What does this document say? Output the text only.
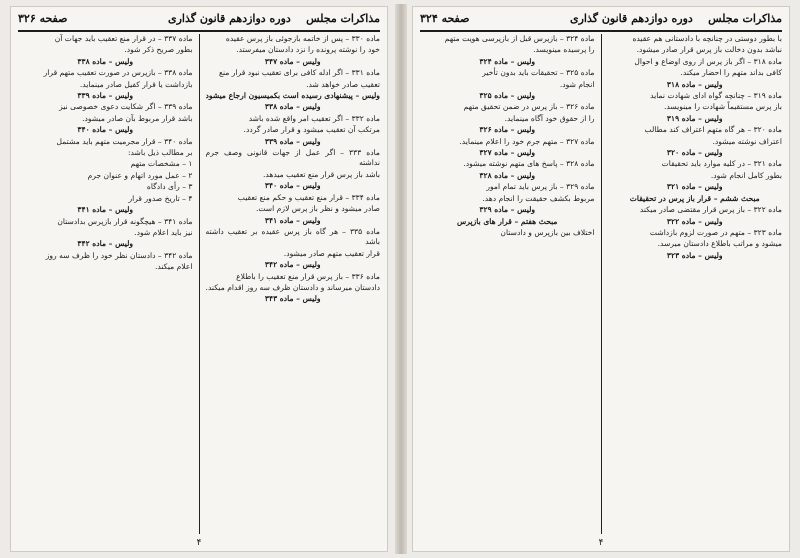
مذاکرات مجلس
دوره دوازدهم قانون گذاری
صفحه ۳۲۶

ماده ۳۳۰ – پس از خاتمه بازجوئی باز پرس عقیده

خود را نوشته پرونده را نزد دادستان میفرستد.

ولیس – ماده ۳۴۷

ماده ۳۳۱ – اگر ادله کافی برای تعقیب نبود قرار منع

تعقیب صادر خواهد شد.

ولیس – پیشنهادی رسیده است بکمیسیون ارجاع میشود

ولیس – ماده ۳۳۸

ماده ۳۳۲ – اگر تعقیب امر واقع شده باشد

مرتکب آن تعقیب میشود و قرار صادر گردد.

ولیس – ماده ۳۳۹

ماده ۳۳۳ – اگر عمل از جهات قانونی وصف جرم نداشته

باشد باز پرس قرار منع تعقیب میدهد.

ولیس – ماده ۳۴۰

ماده ۳۳۴ – قرار منع تعقیب و حکم منع تعقیب

صادر میشود و نظر باز پرس لازم است.

ولیس – ماده ۳۴۱

ماده ۳۳۵ – هر گاه باز پرس عقیده بر تعقیب داشته باشد

قرار تعقیب متهم صادر میشود.

ولیس – ماده ۳۴۲

ماده ۳۳۶ – باز پرس قرار منع تعقیب را باطلاع

دادستان میرساند و دادستان ظرف سه روز اقدام میکند.

ولیس – ماده ۳۴۳

ماده ۳۳۷ – در قرار منع تعقیب باید جهات آن

بطور صریح ذکر شود.

ولیس – ماده ۳۳۸

ماده ۳۳۸ – بازپرس در صورت تعقیب متهم قرار

بازداشت یا قرار کفیل صادر مینماید.

ولیس – ماده ۳۳۹

ماده ۳۳۹ – اگر شکایت دعوی خصوصی نیز

باشد قرار مربوط بآن صادر میشود.

ولیس – ماده ۳۴۰

ماده ۳۴۰ – قرار مجرمیت متهم باید مشتمل

بر مطالب ذیل باشد:

۱ – مشخصات متهم

۲ – عمل مورد اتهام و عنوان جرم

۳ – رأی دادگاه

۴ – تاریخ صدور قرار

ولیس – ماده ۳۴۱

ماده ۳۴۱ – هیچگونه قرار بازپرس بدادستان

نیز باید اعلام شود.

ولیس – ماده ۳۴۲

ماده ۳۴۲ – دادستان نظر خود را ظرف سه روز

اعلام میکند.

۴
مذاکرات مجلس
دوره دوازدهم قانون گذاری
صفحه ۳۲۴

با بطور دوستی در چنانچه با دادستانی هم عقیده

نباشد بدون دخالت باز پرس قرار صادر میشود.

ماده ۳۱۸ – اگر باز پرس از روی اوضاع و احوال

کافی بداند متهم را احضار میکند.

ولیس – ماده ۳۱۸

ماده ۳۱۹ – چنانچه گواه ادای شهادت نماید

باز پرس مستقیماً شهادت را مینویسد.

ولیس – ماده ۳۱۹

ماده ۳۲۰ – هر گاه متهم اعتراف کند مطالب

اعتراف نوشته میشود.

ولیس – ماده ۳۲۰

ماده ۳۲۱ – در کلیه موارد باید تحقیقات

بطور کامل انجام شود.

ولیس – ماده ۳۲۱

مبحث ششم – قرار باز پرس در تحقیقات

ماده ۳۲۲ – باز پرس قرار مقتضی صادر میکند

ولیس – ماده ۳۲۲

ماده ۳۲۳ – متهم در صورت لزوم بازداشت

میشود و مراتب باطلاع دادستان میرسد.

ولیس – ماده ۳۲۳

ماده ۳۲۴ – بازپرس قبل از بازپرسی هویت متهم

را پرسیده مینویسد.

ولیس – ماده ۳۲۴

ماده ۳۲۵ – تحقیقات باید بدون تأخیر

انجام شود.

ولیس – ماده ۳۲۵

ماده ۳۲۶ – باز پرس در ضمن تحقیق متهم

را از حقوق خود آگاه مینماید.

ولیس – ماده ۳۲۶

ماده ۳۲۷ – متهم جرم خود را اعلام مینماید.

ولیس – ماده ۳۲۷

ماده ۳۲۸ – پاسخ های متهم نوشته میشود.

ولیس – ماده ۳۲۸

ماده ۳۲۹ – باز پرس باید تمام امور

مربوط بکشف حقیقت را انجام دهد.

ولیس – ماده ۳۲۹

مبحث هفتم – قرار های بازپرس

اختلاف بین بازپرس و دادستان

۴
